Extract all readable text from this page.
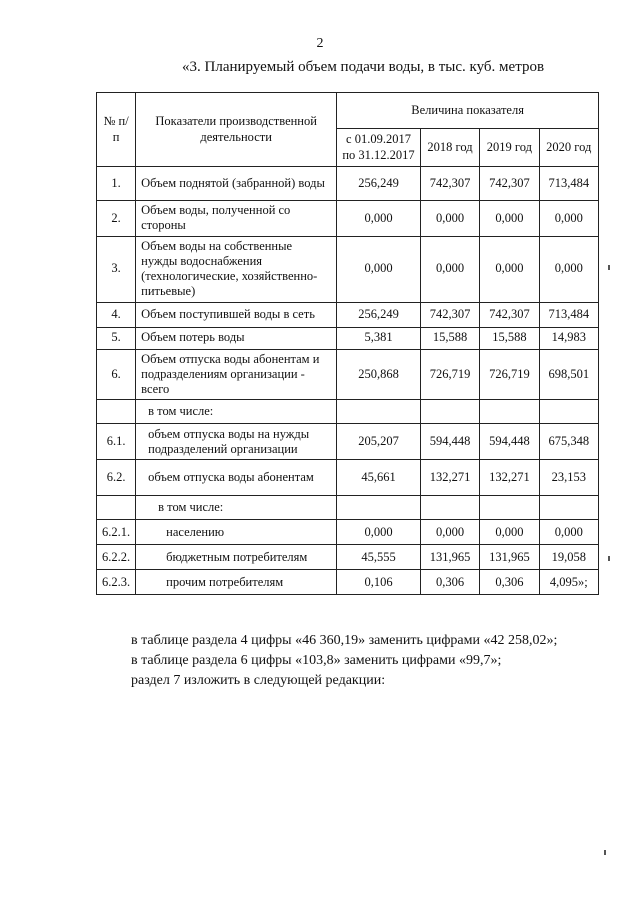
2
«3. Планируемый объем подачи воды, в тыс. куб. метров
№ п/п	Показатели производственной деятельности	Величина показателя			
		с 01.09.2017 по 31.12.2017	2018 год	2019 год	2020 год
1.	Объем поднятой (забранной) воды	256,249	742,307	742,307	713,484
2.	Объем воды, полученной со стороны	0,000	0,000	0,000	0,000
3.	Объем воды на собственные нужды водоснабжения (технологические, хозяйственно-питьевые)	0,000	0,000	0,000	0,000
4.	Объем поступившей воды в сеть	256,249	742,307	742,307	713,484
5.	Объем потерь воды	5,381	15,588	15,588	14,983
6.	Объем отпуска воды абонентам и подразделениям организации - всего	250,868	726,719	726,719	698,501
	в том числе:				
6.1.	объем отпуска воды на нужды подразделений организации	205,207	594,448	594,448	675,348
6.2.	объем отпуска воды абонентам	45,661	132,271	132,271	23,153
	в том числе:				
6.2.1.	населению	0,000	0,000	0,000	0,000
6.2.2.	бюджетным потребителям	45,555	131,965	131,965	19,058
6.2.3.	прочим потребителям	0,106	0,306	0,306	4,095»;

в таблице раздела 4 цифры «46 360,19» заменить цифрами «42 258,02»;

в таблице раздела 6 цифры «103,8» заменить цифрами «99,7»;

раздел 7 изложить в следующей редакции:
